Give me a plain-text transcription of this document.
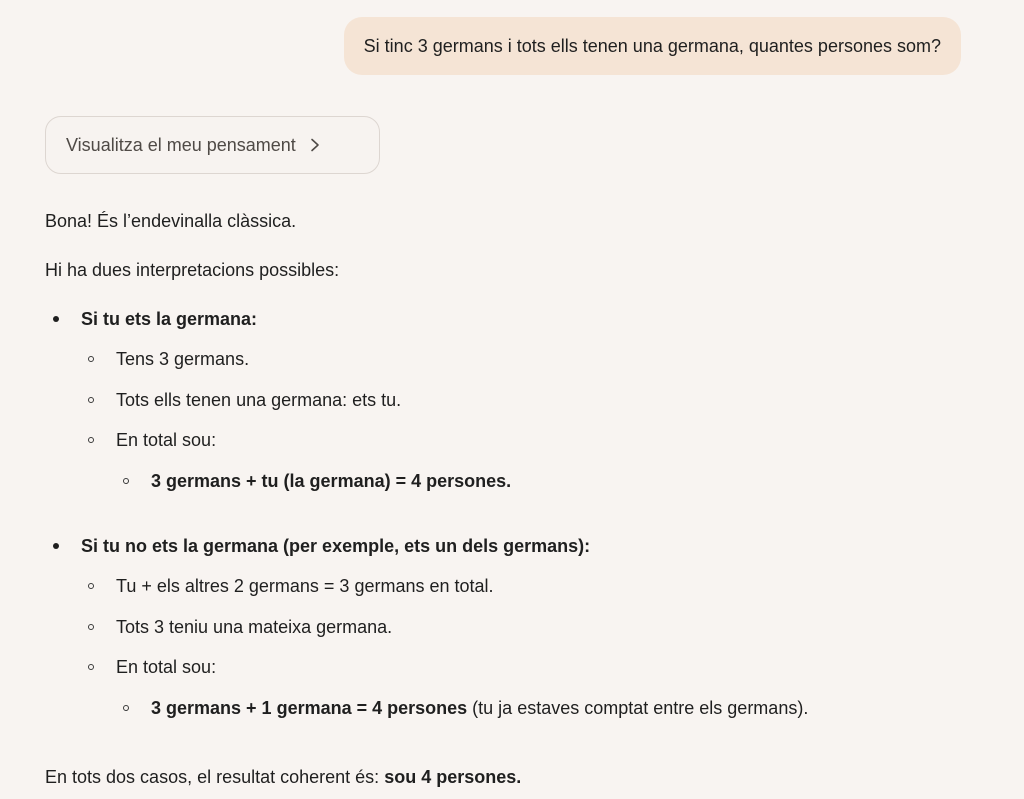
Si tinc 3 germans i tots ells tenen una germana, quantes persones som?
Visualitza el meu pensament
Bona! És l’endevinalla clàssica.
Hi ha dues interpretacions possibles:
Si tu ets la germana:
Tens 3 germans.
Tots ells tenen una germana: ets tu.
En total sou:
3 germans + tu (la germana) = 4 persones.
Si tu no ets la germana (per exemple, ets un dels germans):
Tu + els altres 2 germans = 3 germans en total.
Tots 3 teniu una mateixa germana.
En total sou:
3 germans + 1 germana = 4 persones (tu ja estaves comptat entre els germans).
En tots dos casos, el resultat coherent és: sou 4 persones.
